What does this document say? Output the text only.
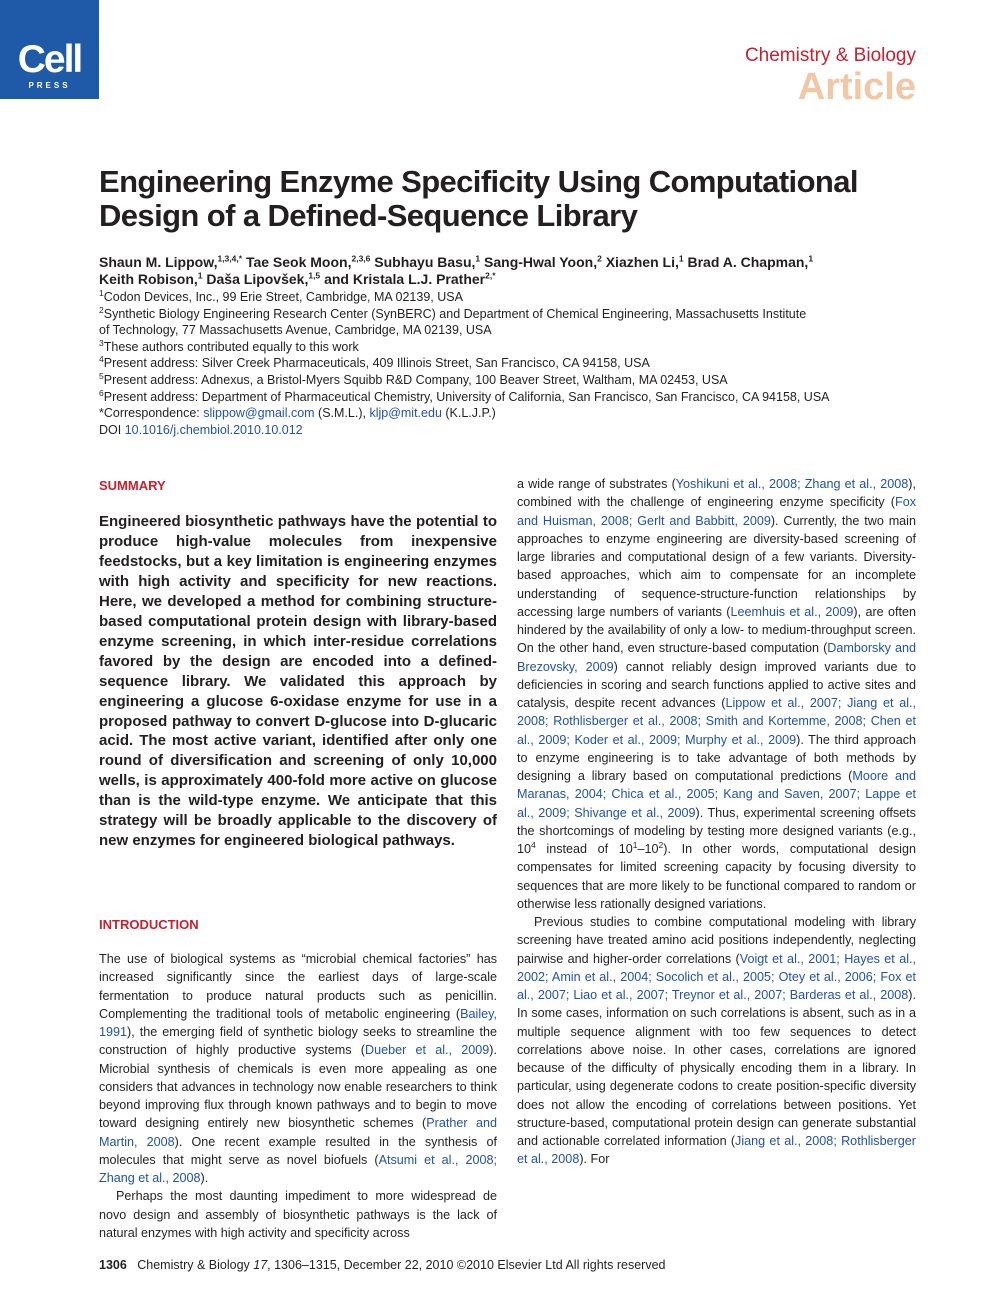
Cell
PRESS
Chemistry & Biology
Article
Engineering Enzyme Specificity Using Computational Design of a Defined-Sequence Library
Shaun M. Lippow,$^{1,3,4,*}$ Tae Seok Moon,$^{2,3,6}$ Subhayu Basu,$^1$ Sang-Hwal Yoon,$^2$ Xiazhen Li,$^1$ Brad A. Chapman,$^1$
Keith Robison,$^1$ Daša Lipovšek,$^{1,5}$ and Kristala L.J. Prather$^{2,*}$
$^1$Codon Devices, Inc., 99 Erie Street, Cambridge, MA 02139, USA
$^2$Synthetic Biology Engineering Research Center (SynBERC) and Department of Chemical Engineering, Massachusetts Institute
of Technology, 77 Massachusetts Avenue, Cambridge, MA 02139, USA
$^3$These authors contributed equally to this work
$^4$Present address: Silver Creek Pharmaceuticals, 409 Illinois Street, San Francisco, CA 94158, USA
$^5$Present address: Adnexus, a Bristol-Myers Squibb R&D Company, 100 Beaver Street, Waltham, MA 02453, USA
$^6$Present address: Department of Pharmaceutical Chemistry, University of California, San Francisco, San Francisco, CA 94158, USA
*Correspondence: slippow@gmail.com (S.M.L.), kljp@mit.edu (K.L.J.P.)
DOI 10.1016/j.chembiol.2010.10.012
SUMMARY
Engineered biosynthetic pathways have the potential to produce high-value molecules from inexpensive feedstocks, but a key limitation is engineering enzymes with high activity and specificity for new reactions. Here, we developed a method for combining structure-based computational protein design with library-based enzyme screening, in which inter-residue correlations favored by the design are encoded into a defined-sequence library. We validated this approach by engineering a glucose 6-oxidase enzyme for use in a proposed pathway to convert D-glucose into D-glucaric acid. The most active variant, identified after only one round of diversification and screening of only 10,000 wells, is approximately 400-fold more active on glucose than is the wild-type enzyme. We anticipate that this strategy will be broadly applicable to the discovery of new enzymes for engineered biological pathways.
INTRODUCTION

The use of biological systems as “microbial chemical factories” has increased significantly since the earliest days of large-scale fermentation to produce natural products such as penicillin. Complementing the traditional tools of metabolic engineering (Bailey, 1991), the emerging field of synthetic biology seeks to streamline the construction of highly productive systems (Dueber et al., 2009). Microbial synthesis of chemicals is even more appealing as one considers that advances in technology now enable researchers to think beyond improving flux through known pathways and to begin to move toward designing entirely new biosynthetic schemes (Prather and Martin, 2008). One recent example resulted in the synthesis of molecules that might serve as novel biofuels (Atsumi et al., 2008; Zhang et al., 2008).

Perhaps the most daunting impediment to more widespread de novo design and assembly of biosynthetic pathways is the lack of natural enzymes with high activity and specificity across

a wide range of substrates (Yoshikuni et al., 2008; Zhang et al., 2008), combined with the challenge of engineering enzyme specificity (Fox and Huisman, 2008; Gerlt and Babbitt, 2009). Currently, the two main approaches to enzyme engineering are diversity-based screening of large libraries and computational design of a few variants. Diversity-based approaches, which aim to compensate for an incomplete understanding of sequence-structure-function relationships by accessing large numbers of variants (Leemhuis et al., 2009), are often hindered by the availability of only a low- to medium-throughput screen. On the other hand, even structure-based computation (Damborsky and Brezovsky, 2009) cannot reliably design improved variants due to deficiencies in scoring and search functions applied to active sites and catalysis, despite recent advances (Lippow et al., 2007; Jiang et al., 2008; Rothlisberger et al., 2008; Smith and Kortemme, 2008; Chen et al., 2009; Koder et al., 2009; Murphy et al., 2009). The third approach to enzyme engineering is to take advantage of both methods by designing a library based on computational predictions (Moore and Maranas, 2004; Chica et al., 2005; Kang and Saven, 2007; Lappe et al., 2009; Shivange et al., 2009). Thus, experimental screening offsets the shortcomings of modeling by testing more designed variants (e.g., $10^4$ instead of $10^1-10^2$). In other words, computational design compensates for limited screening capacity by focusing diversity to sequences that are more likely to be functional compared to random or otherwise less rationally designed variations.

Previous studies to combine computational modeling with library screening have treated amino acid positions independently, neglecting pairwise and higher-order correlations (Voigt et al., 2001; Hayes et al., 2002; Amin et al., 2004; Socolich et al., 2005; Otey et al., 2006; Fox et al., 2007; Liao et al., 2007; Treynor et al., 2007; Barderas et al., 2008). In some cases, information on such correlations is absent, such as in a multiple sequence alignment with too few sequences to detect correlations above noise. In other cases, correlations are ignored because of the difficulty of physically encoding them in a library. In particular, using degenerate codons to create position-specific diversity does not allow the encoding of correlations between positions. Yet structure-based, computational protein design can generate substantial and actionable correlated information (Jiang et al., 2008; Rothlisberger et al., 2008). For

1306 Chemistry & Biology 17, 1306–1315, December 22, 2010 ©2010 Elsevier Ltd All rights reserved
